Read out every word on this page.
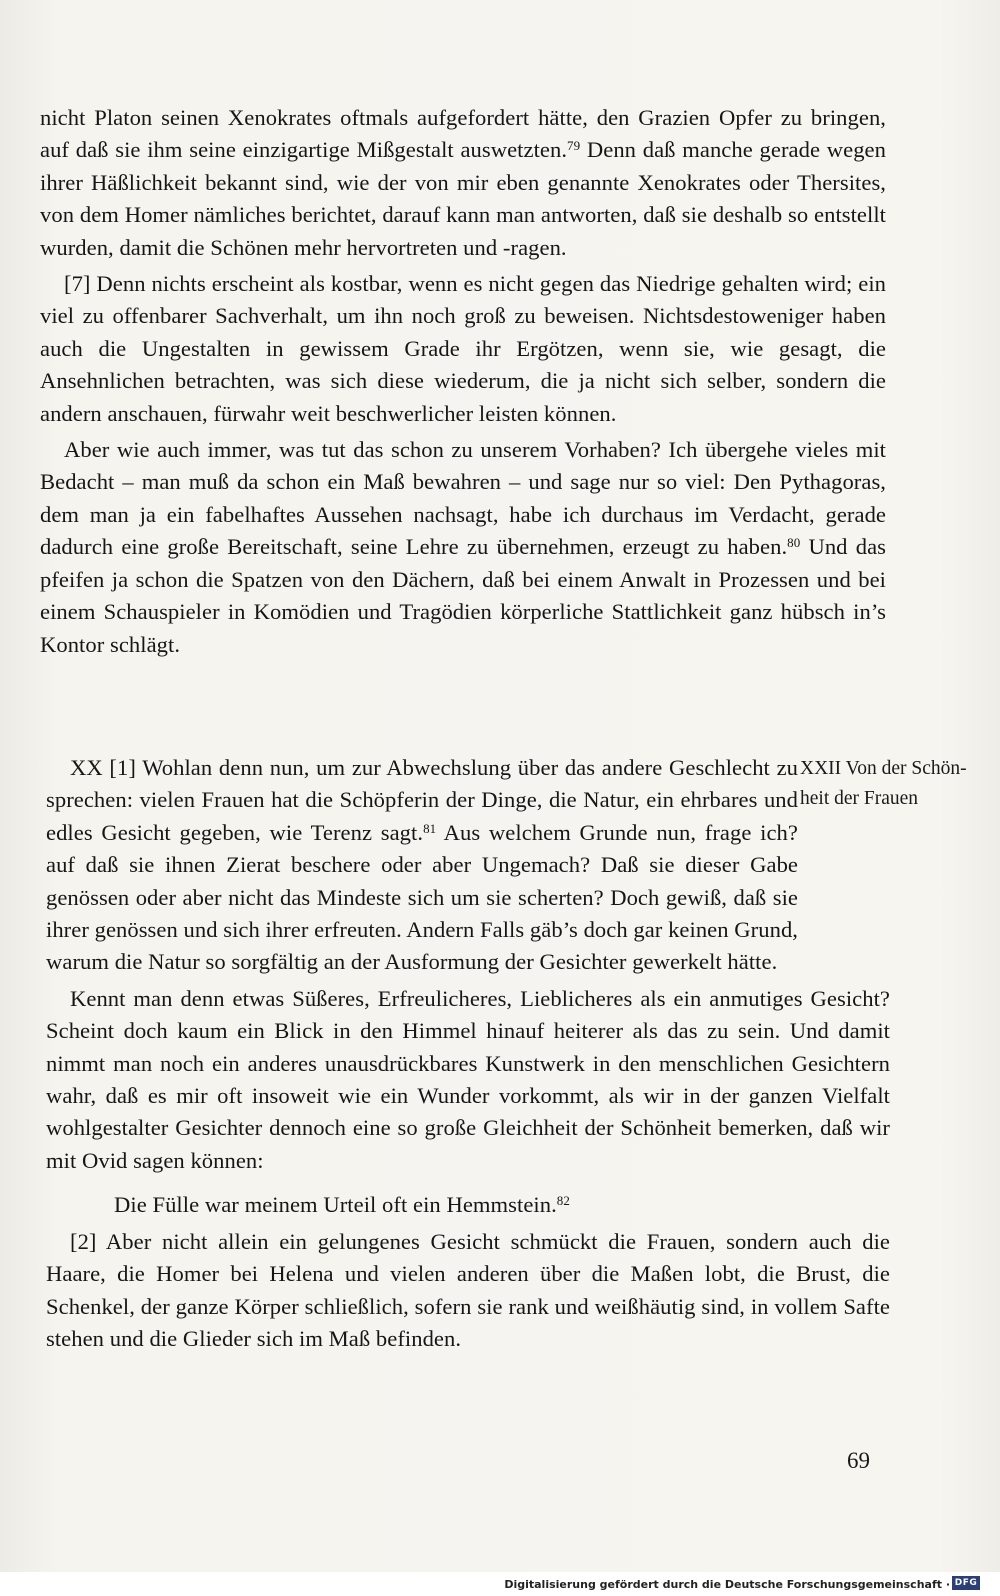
nicht Platon seinen Xenokrates oftmals aufgefordert hätte, den Grazien Opfer zu bringen, auf daß sie ihm seine einzigartige Mißgestalt auswetzten.$^{79}$ Denn daß manche gerade wegen ihrer Häßlichkeit bekannt sind, wie der von mir eben genannte Xenokrates oder Thersites, von dem Homer nämliches berichtet, darauf kann man antworten, daß sie deshalb so entstellt wurden, damit die Schönen mehr hervortreten und -ragen.

[7] Denn nichts erscheint als kostbar, wenn es nicht gegen das Niedrige gehalten wird; ein viel zu offenbarer Sachverhalt, um ihn noch groß zu beweisen. Nichtsdestoweniger haben auch die Ungestalten in gewissem Grade ihr Ergötzen, wenn sie, wie gesagt, die Ansehnlichen betrachten, was sich diese wiederum, die ja nicht sich selber, sondern die andern anschauen, fürwahr weit beschwerlicher leisten können.

Aber wie auch immer, was tut das schon zu unserem Vorhaben? Ich übergehe vieles mit Bedacht – man muß da schon ein Maß bewahren – und sage nur so viel: Den Pythagoras, dem man ja ein fabelhaftes Aussehen nachsagt, habe ich durchaus im Verdacht, gerade dadurch eine große Bereitschaft, seine Lehre zu übernehmen, erzeugt zu haben.$^{80}$ Und das pfeifen ja schon die Spatzen von den Dächern, daß bei einem Anwalt in Prozessen und bei einem Schauspieler in Komödien und Tragödien körperliche Stattlichkeit ganz hübsch in’s Kontor schlägt.

XX [1] Wohlan denn nun, um zur Abwechslung über das andere Geschlecht zu sprechen: vielen Frauen hat die Schöpferin der Dinge, die Natur, ein ehrbares und edles Gesicht gegeben, wie Terenz sagt.$^{81}$ Aus welchem Grunde nun, frage ich? auf daß sie ihnen Zierat beschere oder aber Ungemach? Daß sie dieser Gabe genössen oder aber nicht das Mindeste sich um sie scherten? Doch gewiß, daß sie ihrer genössen und sich ihrer erfreuten. Andern Falls gäb’s doch gar keinen Grund, warum die Natur so sorgfältig an der Ausformung der Gesichter gewerkelt hätte.

Kennt man denn etwas Süßeres, Erfreulicheres, Lieblicheres als ein anmutiges Gesicht? Scheint doch kaum ein Blick in den Himmel hinauf heiterer als das zu sein. Und damit nimmt man noch ein anderes unausdrückbares Kunstwerk in den menschlichen Gesichtern wahr, daß es mir oft insoweit wie ein Wunder vorkommt, als wir in der ganzen Vielfalt wohlgestalter Gesichter dennoch eine so große Gleichheit der Schönheit bemerken, daß wir mit Ovid sagen können:

Die Fülle war meinem Urteil oft ein Hemmstein.$^{82}$

[2] Aber nicht allein ein gelungenes Gesicht schmückt die Frauen, sondern auch die Haare, die Homer bei Helena und vielen anderen über die Maßen lobt, die Brust, die Schenkel, der ganze Körper schließlich, sofern sie rank und weißhäutig sind, in vollem Safte stehen und die Glieder sich im Maß befinden.

XXII Von der Schön-
heit der Frauen
69
Digitalisierung gefördert durch die Deutsche Forschungsgemeinschaft · DFG
